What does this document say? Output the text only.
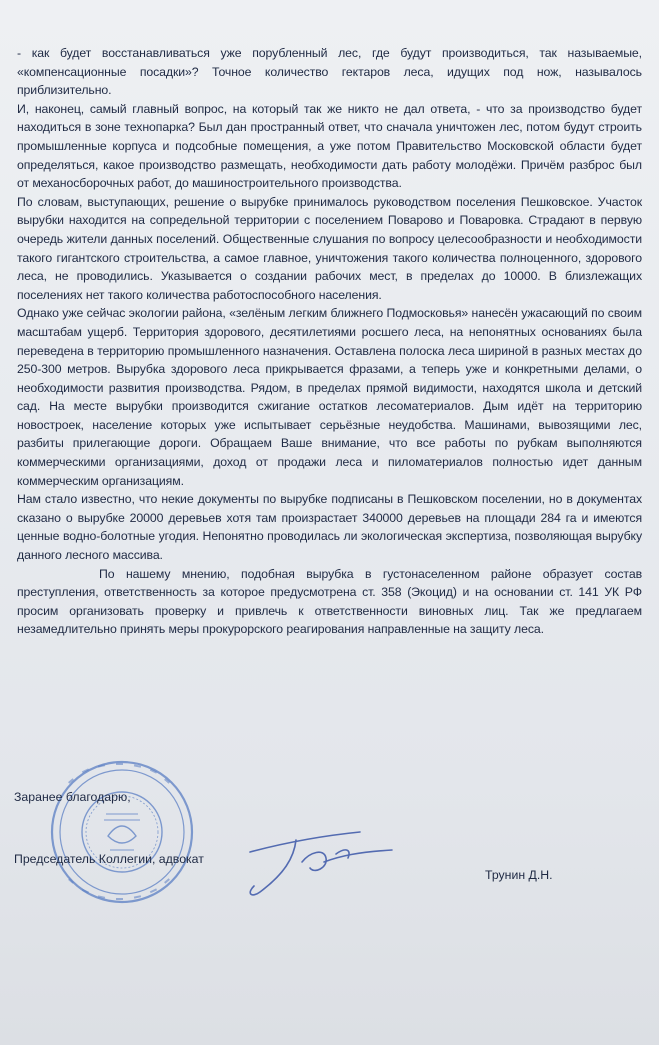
- как будет восстанавливаться уже порубленный лес, где будут производиться, так называемые, «компенсационные посадки»? Точное количество гектаров леса, идущих под нож, называлось приблизительно.

И, наконец, самый главный вопрос, на который так же никто не дал ответа, - что за производство будет находиться в зоне технопарка? Был дан пространный ответ, что сначала уничтожен лес, потом будут строить промышленные корпуса и подсобные помещения, а уже потом Правительство Московской области будет определяться, какое производство размещать, необходимости дать работу молодёжи. Причём разброс был от механосборочных работ, до машиностроительного производства.

По словам, выступающих, решение о вырубке принималось руководством поселения Пешковское. Участок вырубки находится на сопредельной территории с поселением Поварово и Поваровка. Страдают в первую очередь жители данных поселений. Общественные слушания по вопросу целесообразности и необходимости такого гигантского строительства, а самое главное, уничтожения такого количества полноценного, здорового леса, не проводились. Указывается о создании рабочих мест, в пределах до 10000. В близлежащих поселениях нет такого количества работоспособного населения.

Однако уже сейчас экологии района, «зелёным легким ближнего Подмосковья» нанесён ужасающий по своим масштабам ущерб. Территория здорового, десятилетиями росшего леса, на непонятных основаниях была переведена в территорию промышленного назначения. Оставлена полоска леса шириной в разных местах до 250-300 метров. Вырубка здорового леса прикрывается фразами, а теперь уже и конкретными делами, о необходимости развития производства. Рядом, в пределах прямой видимости, находятся школа и детский сад. На месте вырубки производится сжигание остатков лесоматериалов. Дым идёт на территорию новостроек, население которых уже испытывает серьёзные неудобства. Машинами, вывозящими лес, разбиты прилегающие дороги. Обращаем Ваше внимание, что все работы по рубкам выполняются коммерческими организациями, доход от продажи леса и пиломатериалов полностью идет данным коммерческим организациям.

Нам стало известно, что некие документы по вырубке подписаны в Пешковском поселении, но в документах сказано о вырубке 20000 деревьев хотя там произрастает 340000 деревьев на площади 284 га и имеются ценные водно-болотные угодия. Непонятно проводилась ли экологическая экспертиза, позволяющая вырубку данного лесного массива.

По нашему мнению, подобная вырубка в густонаселенном районе образует состав преступления, ответственность за которое предусмотрена ст. 358 (Экоцид) и на основании ст. 141 УК РФ просим организовать проверку и привлечь к ответственности виновных лиц. Так же предлагаем незамедлительно принять меры прокурорского реагирования направленные на защиту леса.

Заранее благодарю,
Председатель Коллегии, адвокат
Трунин Д.Н.
